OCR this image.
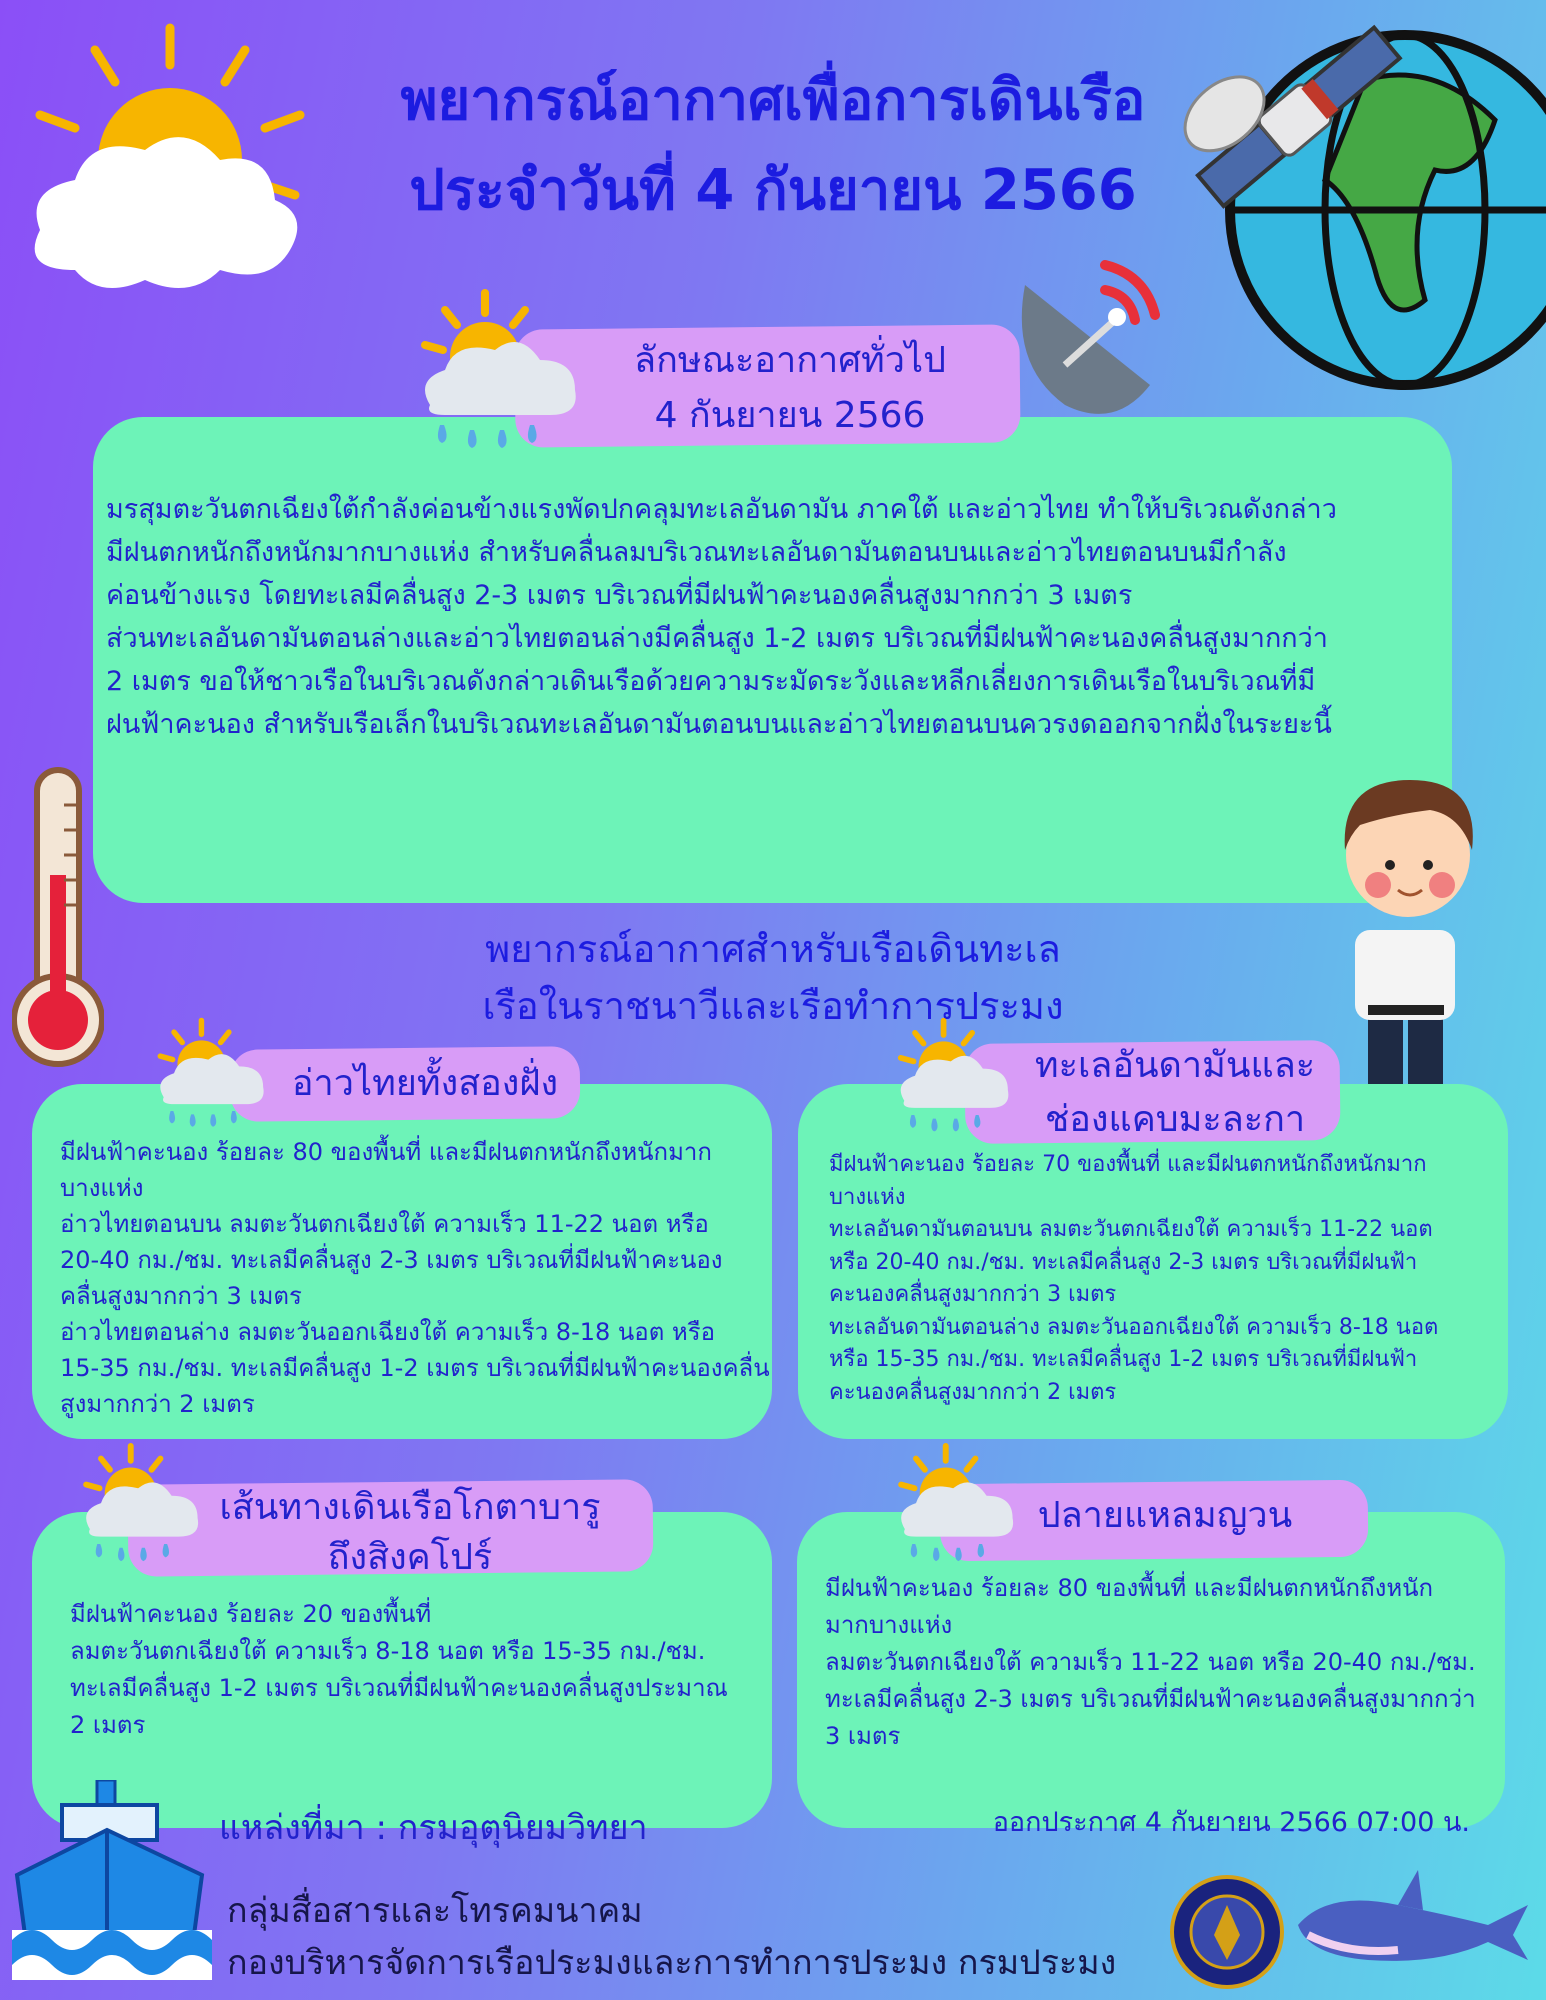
พยากรณ์อากาศเพื่อการเดินเรือ
ประจำวันที่ 4 กันยายน 2566
ลักษณะอากาศทั่วไป
4 กันยายน 2566
มรสุมตะวันตกเฉียงใต้กำลังค่อนข้างแรงพัดปกคลุมทะเลอันดามัน ภาคใต้ และอ่าวไทย ทำให้บริเวณดังกล่าว
มีฝนตกหนักถึงหนักมากบางแห่ง สำหรับคลื่นลมบริเวณทะเลอันดามันตอนบนและอ่าวไทยตอนบนมีกำลัง
ค่อนข้างแรง โดยทะเลมีคลื่นสูง 2-3 เมตร บริเวณที่มีฝนฟ้าคะนองคลื่นสูงมากกว่า 3 เมตร
ส่วนทะเลอันดามันตอนล่างและอ่าวไทยตอนล่างมีคลื่นสูง 1-2 เมตร บริเวณที่มีฝนฟ้าคะนองคลื่นสูงมากกว่า
2 เมตร ขอให้ชาวเรือในบริเวณดังกล่าวเดินเรือด้วยความระมัดระวังและหลีกเลี่ยงการเดินเรือในบริเวณที่มี
ฝนฟ้าคะนอง สำหรับเรือเล็กในบริเวณทะเลอันดามันตอนบนและอ่าวไทยตอนบนควรงดออกจากฝั่งในระยะนี้
พยากรณ์อากาศสำหรับเรือเดินทะเล
เรือในราชนาวีและเรือทำการประมง
อ่าวไทยทั้งสองฝั่ง
มีฝนฟ้าคะนอง ร้อยละ 80 ของพื้นที่ และมีฝนตกหนักถึงหนักมาก
บางแห่ง
อ่าวไทยตอนบน ลมตะวันตกเฉียงใต้ ความเร็ว 11-22 นอต หรือ
20-40 กม./ชม. ทะเลมีคลื่นสูง 2-3 เมตร บริเวณที่มีฝนฟ้าคะนอง
คลื่นสูงมากกว่า 3 เมตร
อ่าวไทยตอนล่าง ลมตะวันออกเฉียงใต้ ความเร็ว 8-18 นอต หรือ
15-35 กม./ชม. ทะเลมีคลื่นสูง 1-2 เมตร บริเวณที่มีฝนฟ้าคะนองคลื่น
สูงมากกว่า 2 เมตร
ทะเลอันดามันและ
ช่องแคบมะละกา
มีฝนฟ้าคะนอง ร้อยละ 70 ของพื้นที่ และมีฝนตกหนักถึงหนักมาก
บางแห่ง
ทะเลอันดามันตอนบน ลมตะวันตกเฉียงใต้ ความเร็ว 11-22 นอต
หรือ 20-40 กม./ชม. ทะเลมีคลื่นสูง 2-3 เมตร บริเวณที่มีฝนฟ้า
คะนองคลื่นสูงมากกว่า 3 เมตร
ทะเลอันดามันตอนล่าง ลมตะวันออกเฉียงใต้ ความเร็ว 8-18 นอต
หรือ 15-35 กม./ชม. ทะเลมีคลื่นสูง 1-2 เมตร บริเวณที่มีฝนฟ้า
คะนองคลื่นสูงมากกว่า 2 เมตร
เส้นทางเดินเรือโกตาบารู
ถึงสิงคโปร์
มีฝนฟ้าคะนอง ร้อยละ 20 ของพื้นที่
ลมตะวันตกเฉียงใต้ ความเร็ว 8-18 นอต หรือ 15-35 กม./ชม.
ทะเลมีคลื่นสูง 1-2 เมตร บริเวณที่มีฝนฟ้าคะนองคลื่นสูงประมาณ
2 เมตร
แหล่งที่มา : กรมอุตุนิยมวิทยา
ปลายแหลมญวน
มีฝนฟ้าคะนอง ร้อยละ 80 ของพื้นที่ และมีฝนตกหนักถึงหนัก
มากบางแห่ง
ลมตะวันตกเฉียงใต้ ความเร็ว 11-22 นอต หรือ 20-40 กม./ชม.
ทะเลมีคลื่นสูง 2-3 เมตร บริเวณที่มีฝนฟ้าคะนองคลื่นสูงมากกว่า
3 เมตร
ออกประกาศ 4 กันยายน 2566 07:00 น.
กลุ่มสื่อสารและโทรคมนาคม
กองบริหารจัดการเรือประมงและการทำการประมง กรมประมง
